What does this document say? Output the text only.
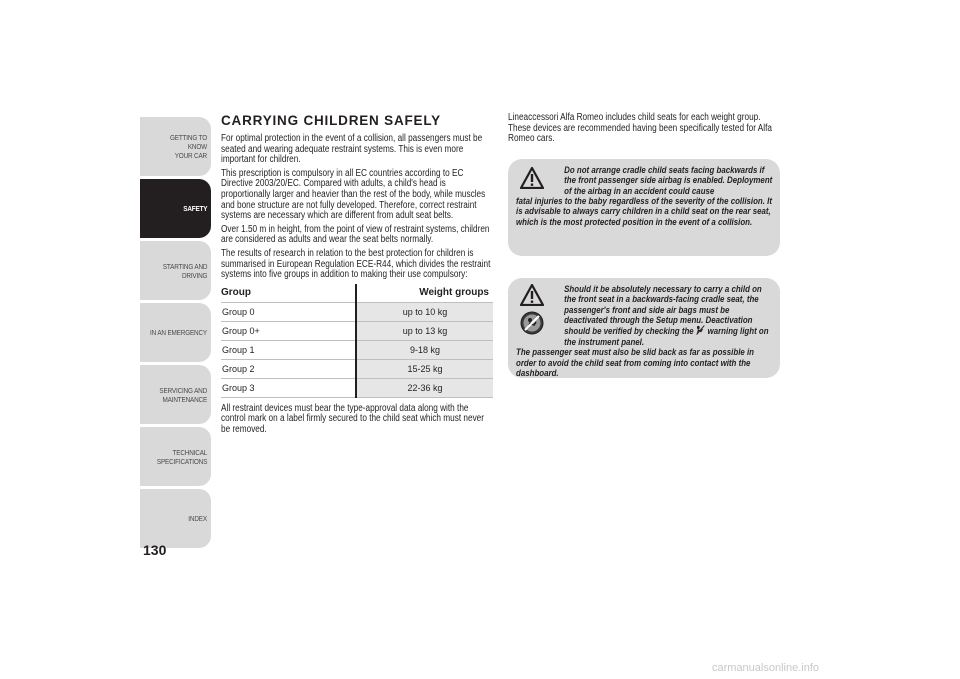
GETTING TO KNOW
YOUR CAR
SAFETY
STARTING AND
DRIVING
IN AN EMERGENCY
SERVICING AND
MAINTENANCE
TECHNICAL
SPECIFICATIONS
INDEX
130
CARRYING CHILDREN SAFELY

For optimal protection in the event of a collision, all passengers must be seated and wearing adequate restraint systems. This is even more important for children.

This prescription is compulsory in all EC countries according to EC Directive 2003/20/EC. Compared with adults, a child's head is proportionally larger and heavier than the rest of the body, while muscles and bone structure are not fully developed. Therefore, correct restraint systems are necessary which are different from adult seat belts.

Over 1.50 m in height, from the point of view of restraint systems, children are considered as adults and wear the seat belts normally.

The results of research in relation to the best protection for children is summarised in European Regulation ECE-R44, which divides the restraint systems into five groups in addition to making their use compulsory:

Group	Weight groups
Group 0	up to 10 kg
Group 0+	up to 13 kg
Group 1	9-18 kg
Group 2	15-25 kg
Group 3	22-36 kg

All restraint devices must bear the type-approval data along with the control mark on a label firmly secured to the child seat which must never be removed.

Lineaccessori Alfa Romeo includes child seats for each weight group. These devices are recommended having been specifically tested for Alfa Romeo cars.

Do not arrange cradle child seats facing backwards if the front passenger side airbag is enabled. Deployment of the airbag in an accident could cause
fatal injuries to the baby regardless of the severity of the collision. It is advisable to always carry children in a child seat on the rear seat, which is the most protected position in the event of a collision.
Should it be absolutely necessary to carry a child on the front seat in a backwards-facing cradle seat, the passenger's front and side air bags must be deactivated through the Setup menu. Deactivation should be verified by checking the warning light on the instrument panel.
The passenger seat must also be slid back as far as possible in order to avoid the child seat from coming into contact with the dashboard.
carmanualsonline.info
